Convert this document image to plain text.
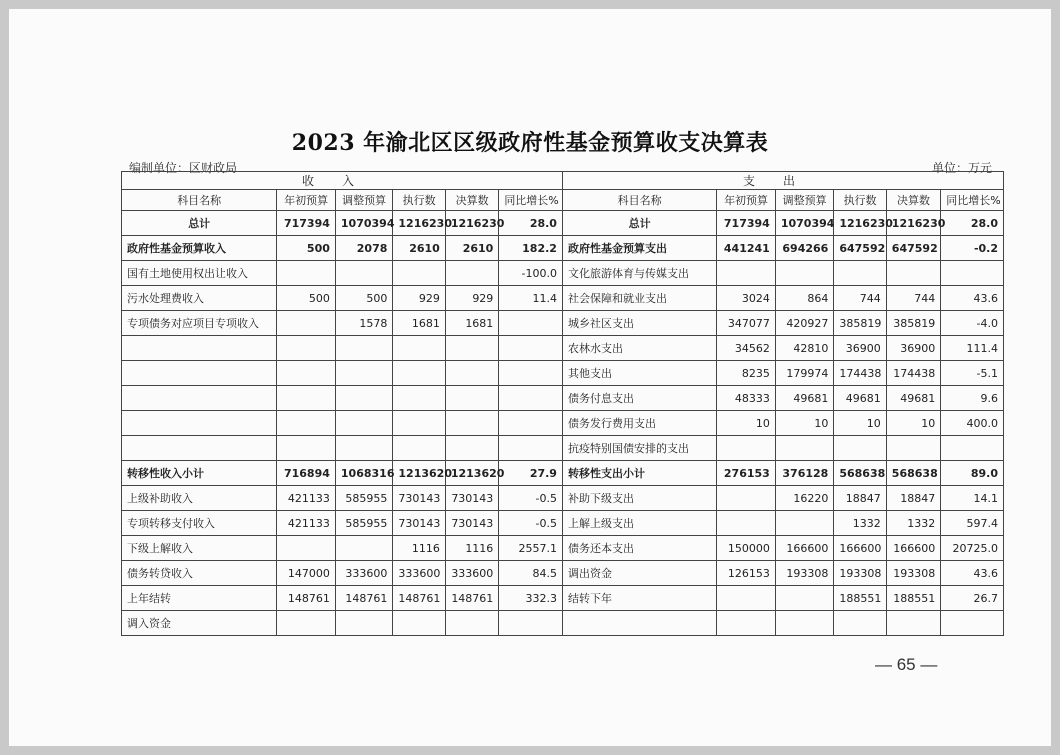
2023 年渝北区区级政府性基金预算收支决算表
编制单位：区财政局	单位：万元
收入						支出					
科目名称	年初预算	调整预算	执行数	决算数	同比增长%	科目名称	年初预算	调整预算	执行数	决算数	同比增长%
总计	717394	1070394	1216230	1216230	28.0	总计	717394	1070394	1216230	1216230	28.0
政府性基金预算收入	500	2078	2610	2610	182.2	政府性基金预算支出	441241	694266	647592	647592	-0.2
国有土地使用权出让收入					-100.0	文化旅游体育与传媒支出					
污水处理费收入	500	500	929	929	11.4	社会保障和就业支出	3024	864	744	744	43.6
专项债务对应项目专项收入		1578	1681	1681		城乡社区支出	347077	420927	385819	385819	-4.0
						农林水支出	34562	42810	36900	36900	111.4
						其他支出	8235	179974	174438	174438	-5.1
						债务付息支出	48333	49681	49681	49681	9.6
						债务发行费用支出	10	10	10	10	400.0
						抗疫特别国债安排的支出					
转移性收入小计	716894	1068316	1213620	1213620	27.9	转移性支出小计	276153	376128	568638	568638	89.0
上级补助收入	421133	585955	730143	730143	-0.5	补助下级支出		16220	18847	18847	14.1
专项转移支付收入	421133	585955	730143	730143	-0.5	上解上级支出			1332	1332	597.4
下级上解收入			1116	1116	2557.1	债务还本支出	150000	166600	166600	166600	20725.0
债务转贷收入	147000	333600	333600	333600	84.5	调出资金	126153	193308	193308	193308	43.6
上年结转	148761	148761	148761	148761	332.3	结转下年			188551	188551	26.7
调入资金											
— 65 —
